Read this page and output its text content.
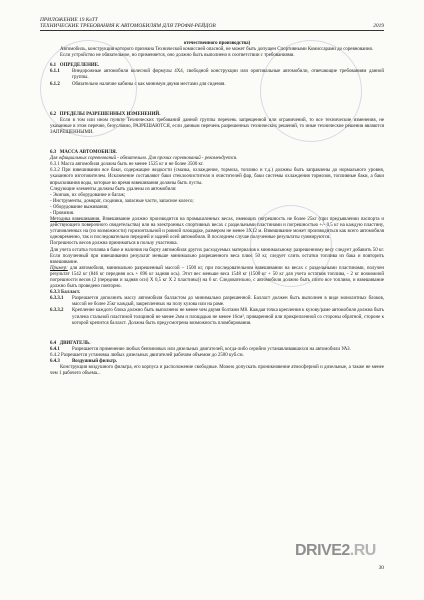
ПРИЛОЖЕНИЕ 19 КвТТ
ТЕХНИЧЕСКИЕ ТРЕБОВАНИЯ К АВТОМОБИЛЯМ ДЛЯ ТРОФИ-РЕЙДОВ	2019

отечественного производства)

Автомобиль, конструкция которого признана Технической комиссией опасной, не может быть допущен Спортивными Комиссарами до соревнования.

Если устройство не обязательное, но применяется, оно должно быть выполнено в соответствии с требованиями.

6.1 ОПРЕДЕЛЕНИЕ.
6.1.1	Внедорожные автомобили колесной формулы 4Х4, свободной конструкции или оригинальные автомобили, отвечающие требованиям данной группы.
6.1.2	Обязательно наличие кабины с как минимум двумя местами для сидения.
6.2 ПРЕДЕЛЫ РАЗРЕШЕННЫХ ИЗМЕНЕНИЙ.

Если в том или ином пункте Технических требований данной группы перечень запрещенной или ограничений, то все технические изменения, не указанные в этом перечне, безусловно, РАЗРЕШАЮТСЯ, если данным перечень разрешенных технических решений, то иные технические решения являются ЗАПРЕЩЕННЫМИ.

6.3 МАССА АВТОМОБИЛЯ.

Для официальных соревнований - обязательно. Для прочих соревнований - рекомендуется.

6.3.1 Масса автомобиля должна быть не менее 1525 кг и не более 3500 кг.

6.3.2 При взвешивании все баки, содержащие жидкости (смазка, охлаждение, тормоза, топливо и т.д.) должны быть заправлены до нормального уровня, указанного изготовителем. Исключение составляют баки стеклоочистителя и очистителей фар, баки системы охлаждения тормозов, топливные баки, а баки впрыскивания воды, которые во время взвешивания должны быть пусты.

Следующие элементы должны быть удалены из автомобиля:

- Экипаж, их оборудование и багаж;

- Инструменты, домкрат, сходники, запасные части, запасное колесо;

- Оборудование выживания;

- Провизия.

Методика взвешивания. Взвешивание должно производится на промышленных весах, имеющих погрешность не более 25кг (при предъявлении паспорта и действующего поверочного свидетельства) или на электронных спортивных весах с раздельными пластинами и погрешностью +/- 0,5 кг на каждую пластину, установленных на (по возможности) горизонтальной и ровной площадке, размером не менее 3Х12 м. Взвешивание может производиться как всего автомобиля одновременно, так и последовательно передней и задней осей автомобиля. В последнем случае полученные результаты суммируются.

Погрешность весов должна приниматься в пользу участника.

Для учета остатка топлива в баке и наличия на борту автомобиля других расходуемых материалов к минимальному разрешенному весу следует добавить 50 кг. Если полученный при взвешивании результат меньше минимально разрешенного веса плюс 50 кг, следует слить остатки топлива из бака и повторить взвешивание.

Пример: для автомобиля, минимально разрешенный массой – 1500 кг, при последовательном взвешивании на весах с раздельными пластинами, получен результат 1542 кг (846 кг передняя ось + 696 кг задняя ось). Этот вес меньше веса 1548 кг (1500 кг + 50 кг для учета остатков топлива, - 2 кг возможной погрешности весов (2 (передняя и задняя оси) Х 0,5 кг Х 2 пластины)) на 6 кг. Следовательно, с автомобиля должно быть слито все топливо, и взвешивание должно быть проведено повторно.

6.3.3 Балласт.

6.3.3.1	Разрешается дополнить массу автомобиля балластом до минимально разрешенной. Балласт должен быть выполнен в виде монолитных блоков, массой не более 25кг каждый, закрепленных на полу кузова или на раме.
6.3.3.2	Крепление каждого блока должно быть выполнено не менее чем двумя болтами М8. Каждая точка крепления к кузову/раме автомобиля должна быть усилена стальной пластиной толщиной не менее 2мм и площадью не менее 16см², приваренной или прикрепленной со стороны обратной, стороне к которой крепится балласт. Должна быть предусмотрена возможность пломбирования.
6.4 ДВИГАТЕЛЬ.
6.4.1	Разрешается применение любых бензиновых или дизельных двигателей, когда-либо серийно устанавливавшихся на автомобили УАЗ.

6.4.2 Разрешается установка любых дизельных двигателей рабочим объемом до 2500 куб.см.

6.4.3	Воздушный фильтр.

Конструкция воздушного фильтра, его корпуса и расположение свободные. Можно допускать проникновение атмосферной и дизельные, а также не менее чем 1 рабочего объема...

30
DRIVE2.RU
